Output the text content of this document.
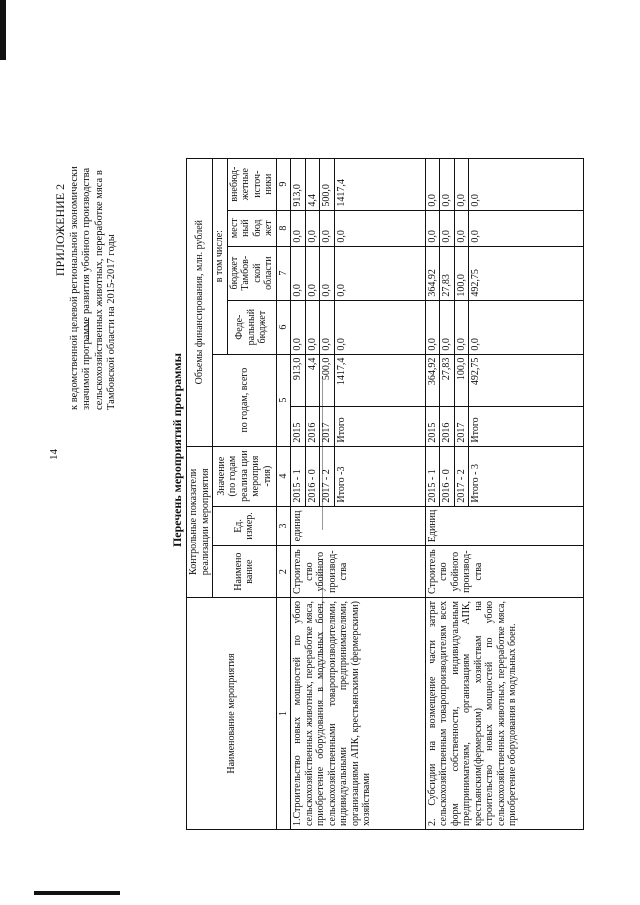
14
ПРИЛОЖЕНИЕ 2 к ведомственной целевой региональной экономически значимой программе развития убойного производства сельскохозяйственных животных, переработке мяса в Тамбовской области на 2015-2017 годы
Перечень мероприятий программы
Наименование мероприятия	Контрольные показатели реализации мероприятия			Объемы финансирования, млн. рублей					
	Наимено вание	Ед. измер.	Значение (по годам реализа ции мероприя -тия)	по годам, всего		в том числе:			
						Феде-ральный бюджет	бюджет Тамбов-ской области	мест ный бюд жет	внебюд-жетные источ-ники
1	2	3	4	5		6	7	8	9
1.Строительство новых мощностей по убою сельскохозяйственных животных, переработке мяса, приобретение оборудования в модульных боен, сельскохозяйственными товаропроизводителями, индивидуальными предпринимателями, организациями АПК, крестьянскими (фермерскими) хозяйствами	Строитель ство убойного производ-ства	единиц	2015 - 1	2015	913,0	0,0	0,0	0,0	913,0
			2016 - 0	2016	4,4	0,0	0,0	0,0	4,4
			2017 - 2	2017	500,0	0,0	0,0	0,0	500,0
			Итого -3	Итого	1417,4	0,0	0,0	0,0	1417,4
2. Субсидии на возмещение части затрат сельскохозяйственным товаропроизводителям всех форм собственности, индивидуальным предпринимателям, организациям АПК, крестьянским(фермерским) хозяйствам на строительство новых мощностей по убою сельскохозяйственных животных, переработке мяса, приобретение оборудования в модульных боен.	Строитель ство убойного производ-ства	Единиц	2015 - 1	2015	364,92	0,0	364,92	0,0	0,0
			2016 - 0	2016	27,83	0,0	27,83	0,0	0,0
			2017 - 2	2017	100,0	0,0	100,0	0,0	0,0
			Итого - 3	Итого	492,75	0,0	492,75	0,0	0,0
